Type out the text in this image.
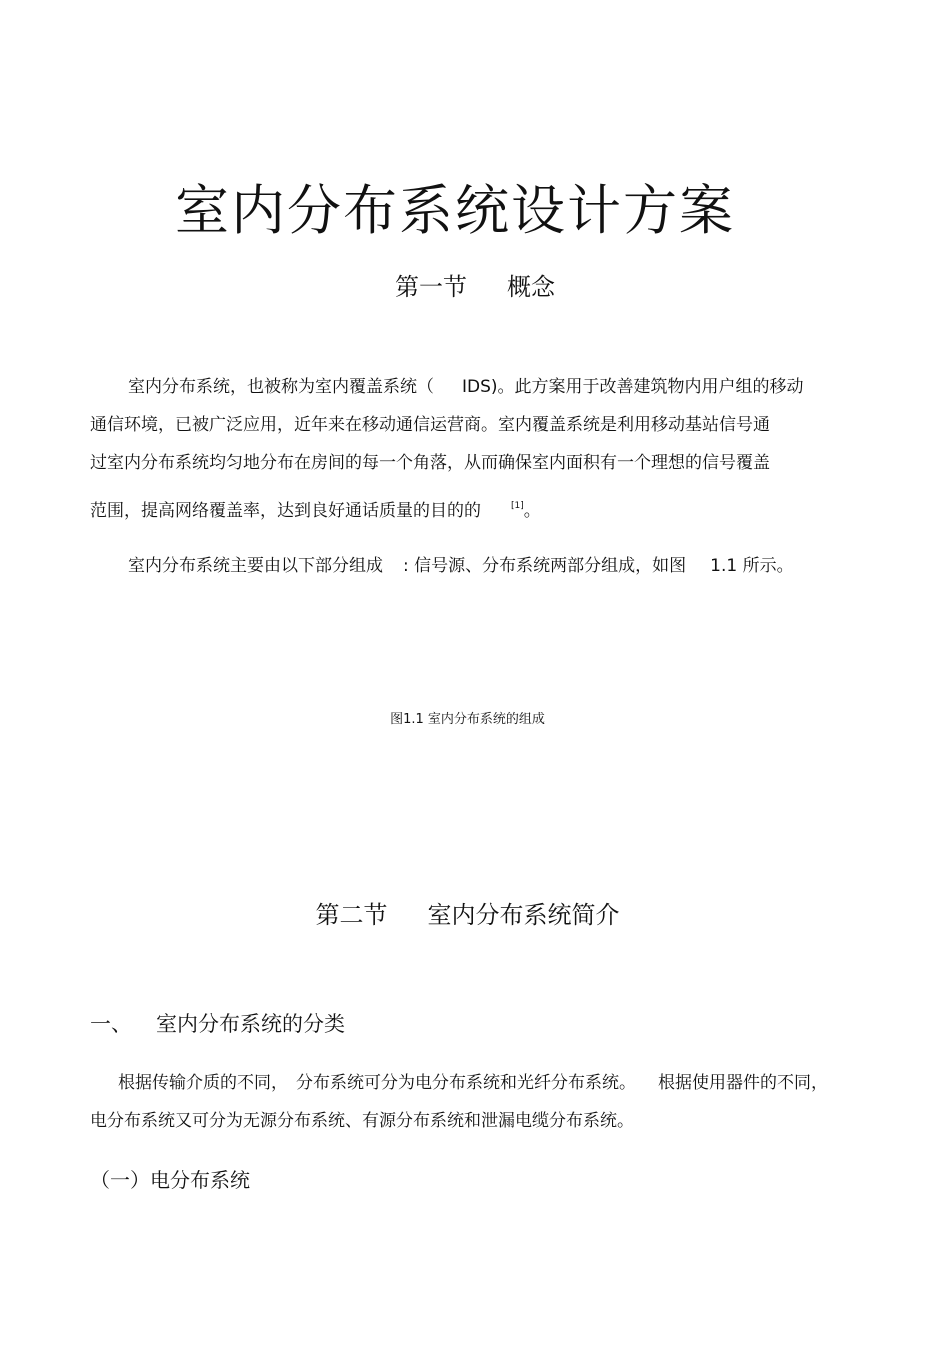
室内分布系统设计方案
第一节 概念
室内分布系统，也被称为室内覆盖系统（ IDS)。此方案用于改善建筑物内用户组的移动
通信环境，已被广泛应用，近年来在移动通信运营商。室内覆盖系统是利用移动基站信号通
过室内分布系统均匀地分布在房间的每一个角落，从而确保室内面积有一个理想的信号覆盖
范围，提高网络覆盖率，达到良好通话质量的目的的	[1]。
室内分布系统主要由以下部分组成 : 信号源、分布系统两部分组成，如图 1.1 所示。
图1.1 室内分布系统的组成
第二节 室内分布系统简介
一、 室内分布系统的分类
根据传输介质的不同， 分布系统可分为电分布系统和光纤分布系统。 根据使用器件的不同，
电分布系统又可分为无源分布系统、有源分布系统和泄漏电缆分布系统。
（一）电分布系统
